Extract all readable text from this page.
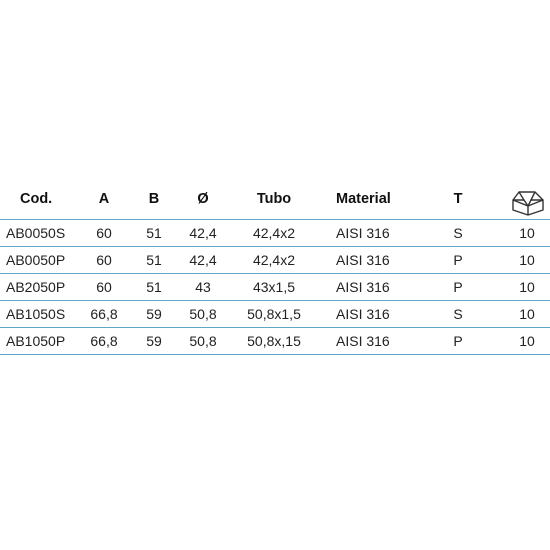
Cod.	A	B	Ø	Tubo	Material	T
AB0050S	60	51	42,4	42,4x2	AISI 316	S	10
AB0050P	60	51	42,4	42,4x2	AISI 316	P	10
AB2050P	60	51	43	43x1,5	AISI 316	P	10
AB1050S	66,8	59	50,8	50,8x1,5	AISI 316	S	10
AB1050P	66,8	59	50,8	50,8x,15	AISI 316	P	10
